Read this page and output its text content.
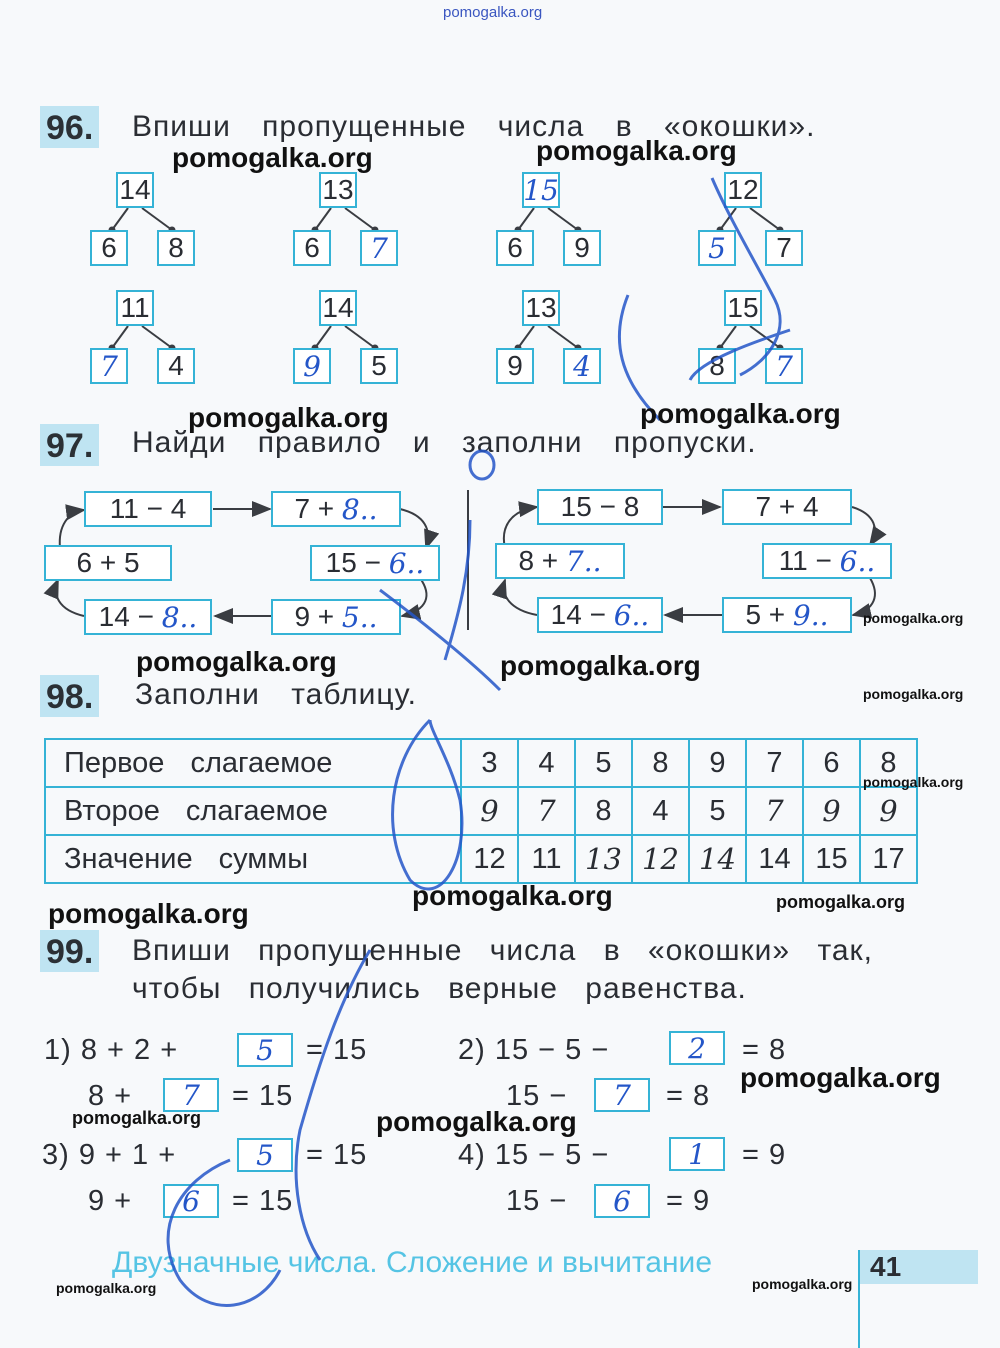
pomogalka.org
96. Впиши пропущенные числа в «окошки».
14
6 8
13
6 7
15
6 9
12
5 7
11
7 4
14
9 5
13
9 4
15
8 7
97. Найди правило и заполни пропуски.
11 − 4	7 +
8..
6 + 5	15 −
6..
14 −
8..	9 +
5..
15 − 8	7 + 4
8 +
7..	11 −
6..
14 −
6..	5 +
9..
98. Заполни таблицу.
Первое слагаемое	3	4	5	8	9	7	6	8
Второе слагаемое	9	7	8	4	5	7	9	9
Значение суммы	12	11	13	12	14	14	15	17
99. Впиши пропущенные числа в «окошки» так,
чтобы получились верные равенства.
1) 8 + 2 +	5 = 15
8 + 7 = 15
2) 15 − 5 −	2 = 8
15 − 7 = 8
3) 9 + 1 +	5 = 15
9 + 6 = 15
4) 15 − 5 −	1 = 9
15 − 6 = 9
Двузначные числа. Сложение и вычитание	41
pomogalka.org	pomogalka.org
pomogalka.org	pomogalka.org
pomogalka.org	pomogalka.org
pomogalka.org
pomogalka.org
pomogalka.org
pomogalka.org
pomogalka.org
pomogalka.org
pomogalka.org
pomogalka.org
pomogalka.org
pomogalka.org	pomogalka.org
